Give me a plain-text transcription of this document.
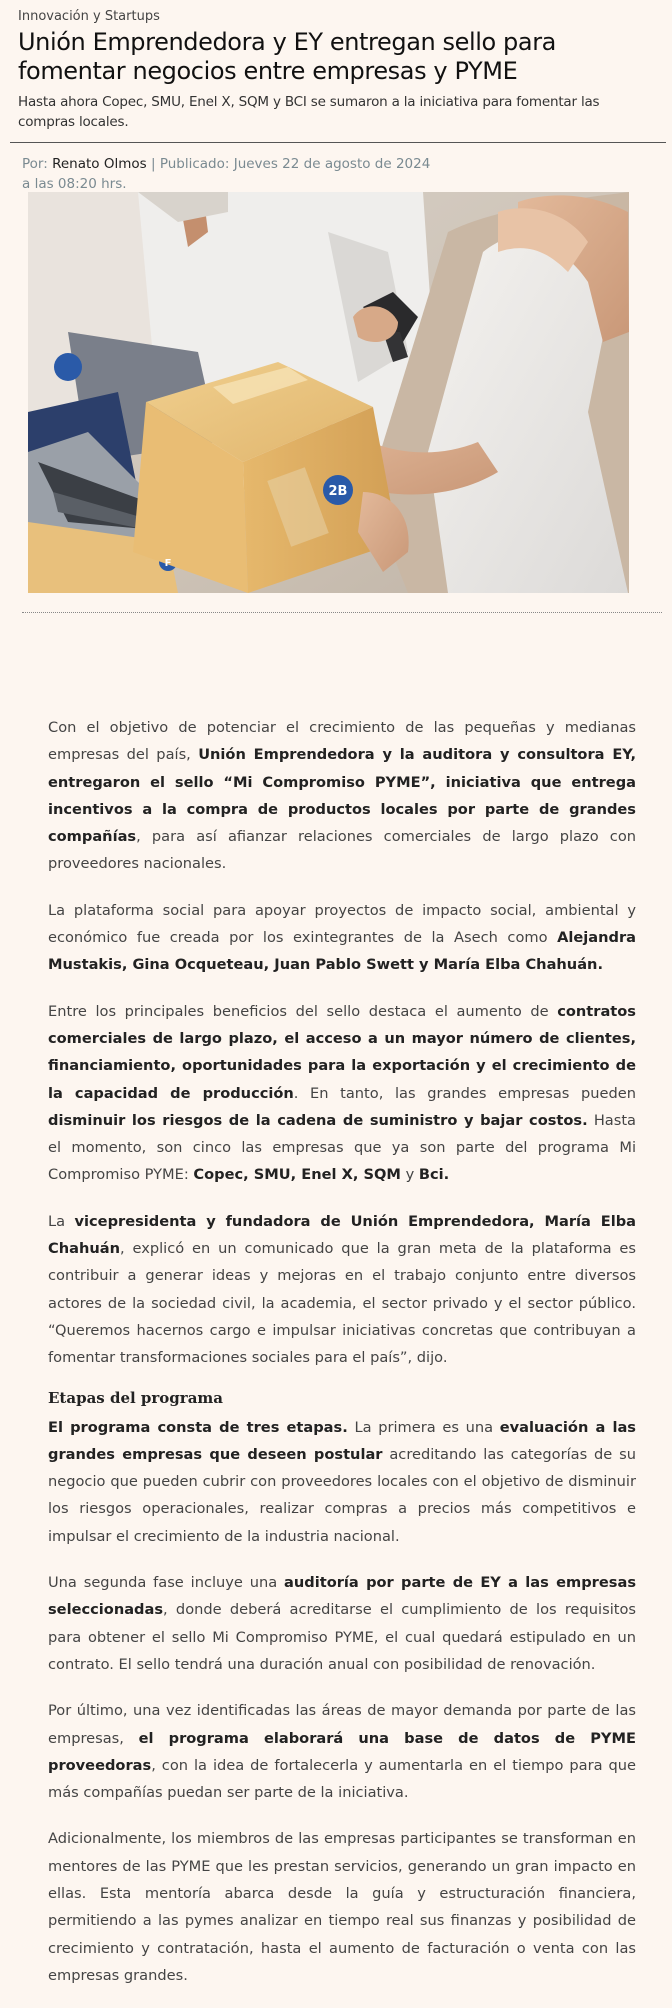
Innovación y Startups
Unión Emprendedora y EY entregan sello para fomentar negocios entre empresas y PYME
Hasta ahora Copec, SMU, Enel X, SQM y BCI se sumaron a la iniciativa para fomentar las compras locales.
Por: Renato Olmos | Publicado: Jueves 22 de agosto de 2024 a las 08:20 hrs.
2B
F

Con el objetivo de potenciar el crecimiento de las pequeñas y medianas empresas del país, Unión Emprendedora y la auditora y consultora EY, entregaron el sello “Mi Compromiso PYME”, iniciativa que entrega incentivos a la compra de productos locales por parte de grandes compañías, para así afianzar relaciones comerciales de largo plazo con proveedores nacionales.

La plataforma social para apoyar proyectos de impacto social, ambiental y económico fue creada por los exintegrantes de la Asech como Alejandra Mustakis, Gina Ocqueteau, Juan Pablo Swett y María Elba Chahuán.

Entre los principales beneficios del sello destaca el aumento de contratos comerciales de largo plazo, el acceso a un mayor número de clientes, financiamiento, oportunidades para la exportación y el crecimiento de la capacidad de producción. En tanto, las grandes empresas pueden disminuir los riesgos de la cadena de suministro y bajar costos. Hasta el momento, son cinco las empresas que ya son parte del programa Mi Compromiso PYME: Copec, SMU, Enel X, SQM y Bci.

La vicepresidenta y fundadora de Unión Emprendedora, María Elba Chahuán, explicó en un comunicado que la gran meta de la plataforma es contribuir a generar ideas y mejoras en el trabajo conjunto entre diversos actores de la sociedad civil, la academia, el sector privado y el sector público. “Queremos hacernos cargo e impulsar iniciativas concretas que contribuyan a fomentar transformaciones sociales para el país”, dijo.

Etapas del programa

El programa consta de tres etapas. La primera es una evaluación a las grandes empresas que deseen postular acreditando las categorías de su negocio que pueden cubrir con proveedores locales con el objetivo de disminuir los riesgos operacionales, realizar compras a precios más competitivos e impulsar el crecimiento de la industria nacional.

Una segunda fase incluye una auditoría por parte de EY a las empresas seleccionadas, donde deberá acreditarse el cumplimiento de los requisitos para obtener el sello Mi Compromiso PYME, el cual quedará estipulado en un contrato. El sello tendrá una duración anual con posibilidad de renovación.

Por último, una vez identificadas las áreas de mayor demanda por parte de las empresas, el programa elaborará una base de datos de PYME proveedoras, con la idea de fortalecerla y aumentarla en el tiempo para que más compañías puedan ser parte de la iniciativa.

Adicionalmente, los miembros de las empresas participantes se transforman en mentores de las PYME que les prestan servicios, generando un gran impacto en ellas. Esta mentoría abarca desde la guía y estructuración financiera, permitiendo a las pymes analizar en tiempo real sus finanzas y posibilidad de crecimiento y contratación, hasta el aumento de facturación o venta con las empresas grandes.
